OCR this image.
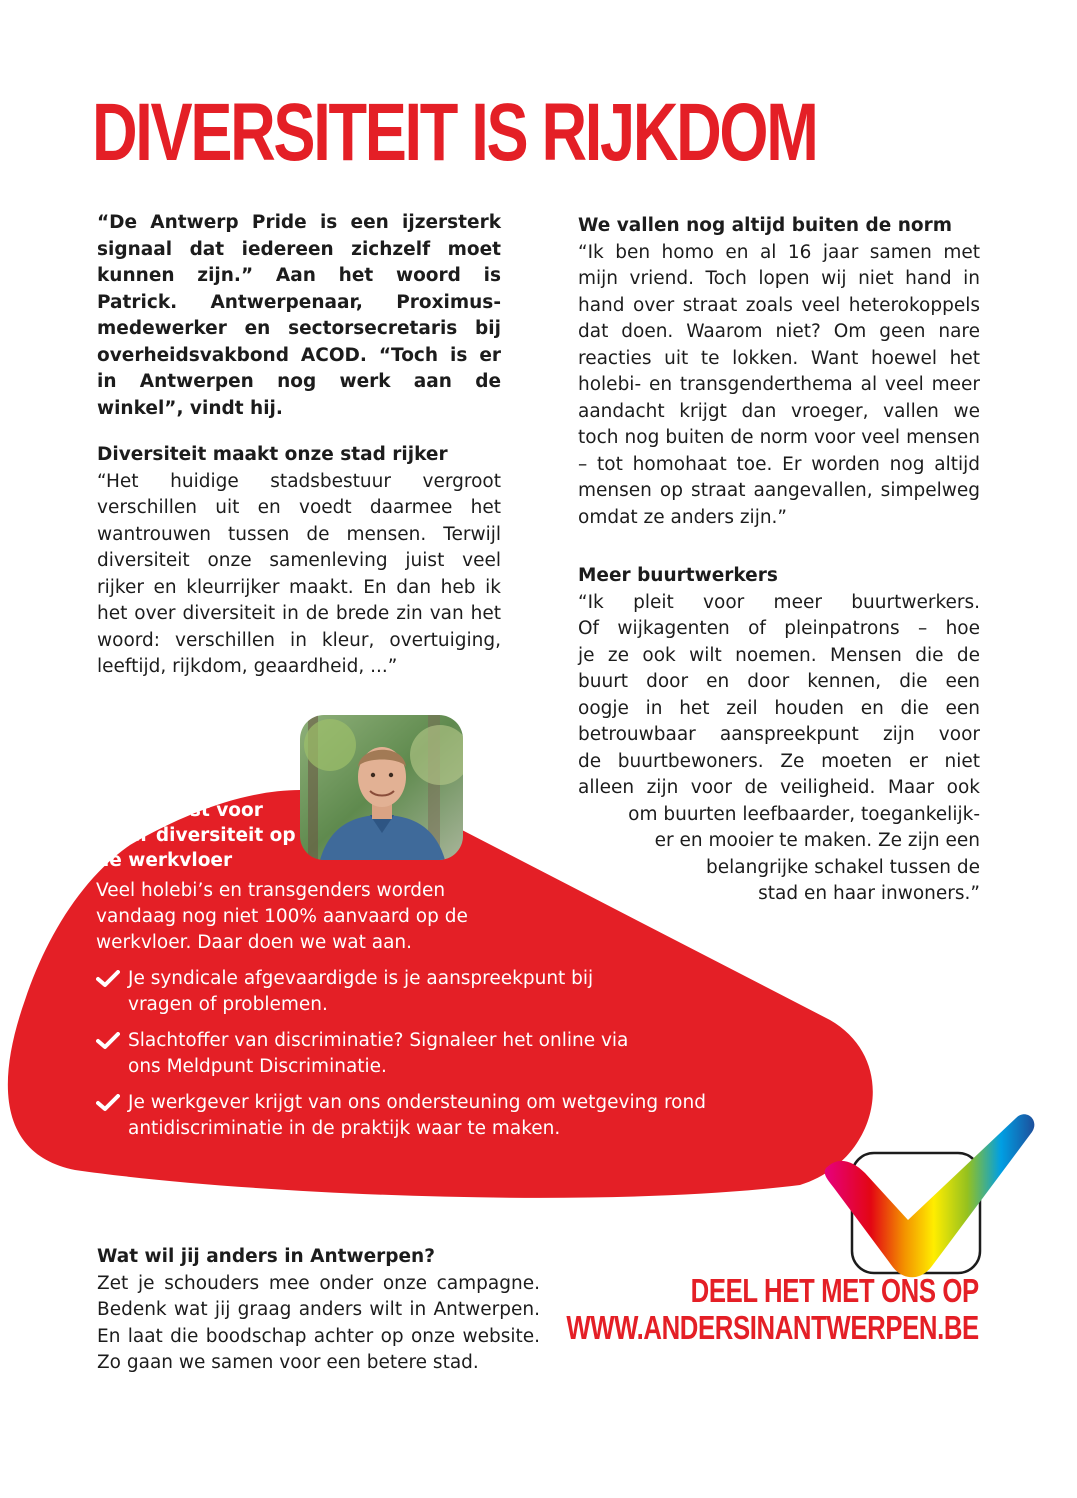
DIVERSITEIT IS RIJKDOM

“De Antwerp Pride is een ijzersterk signaal dat iedereen zichzelf moet kunnen zijn.” Aan het woord is Patrick. Antwerpenaar, Proximus-medewerker en sectorsecretaris bij overheidsvakbond ACOD. “Toch is er in Antwerpen nog werk aan de winkel”, vindt hij.

Diversiteit maakt onze stad rijker

“Het huidige stadsbestuur vergroot verschillen uit en voedt daarmee het wantrouwen tussen de mensen. Terwijl diversiteit onze samenleving juist veel rijker en kleurrijker maakt. En dan heb ik het over diversiteit in de brede zin van het woord: verschillen in kleur, overtuiging, leeftijd, rijkdom, geaardheid, ...”

We vallen nog altijd buiten de norm

“Ik ben homo en al 16 jaar samen met mijn vriend. Toch lopen wij niet hand in hand over straat zoals veel heterokoppels dat doen. Waarom niet? Om geen nare reacties uit te lokken. Want hoewel het holebi- en transgenderthema al veel meer aandacht krijgt dan vroeger, vallen we toch nog buiten de norm voor veel mensen – tot homohaat toe. Er worden nog altijd mensen op straat aangevallen, simpelweg omdat ze anders zijn.”

Meer buurtwerkers

“Ik pleit voor meer buurtwerkers.
Of wijkagenten of pleinpatrons – hoe
je ze ook wilt noemen. Mensen die de
buurt door en door kennen, die een
oogje in het zeil houden en die een
betrouwbaar aanspreekpunt zijn voor
de buurtbewoners. Ze moeten er niet
alleen zijn voor de veiligheid. Maar ook
om buurten leefbaarder, toegankelijk-
er en mooier te maken. Ze zijn een
belangrijke schakel tussen de
stad en haar inwoners.”

ABVV kiest voor meer diversiteit op de werkvloer

Veel holebi’s en transgenders worden vandaag nog niet 100% aanvaard op de werkvloer. Daar doen we wat aan.

Je syndicale afgevaardigde is je aanspreekpunt bij vragen of problemen.
Slachtoffer van discriminatie? Signaleer het online via ons Meldpunt Discriminatie.
Je werkgever krijgt van ons ondersteuning om wetgeving rond antidiscriminatie in de praktijk waar te maken.

Wat wil jij anders in Antwerpen?

Zet je schouders mee onder onze campagne. Bedenk wat jij graag anders wilt in Antwerpen. En laat die boodschap achter op onze website. Zo gaan we samen voor een betere stad.

DEEL HET MET ONS OP
WWW.ANDERSINANTWERPEN.BE
